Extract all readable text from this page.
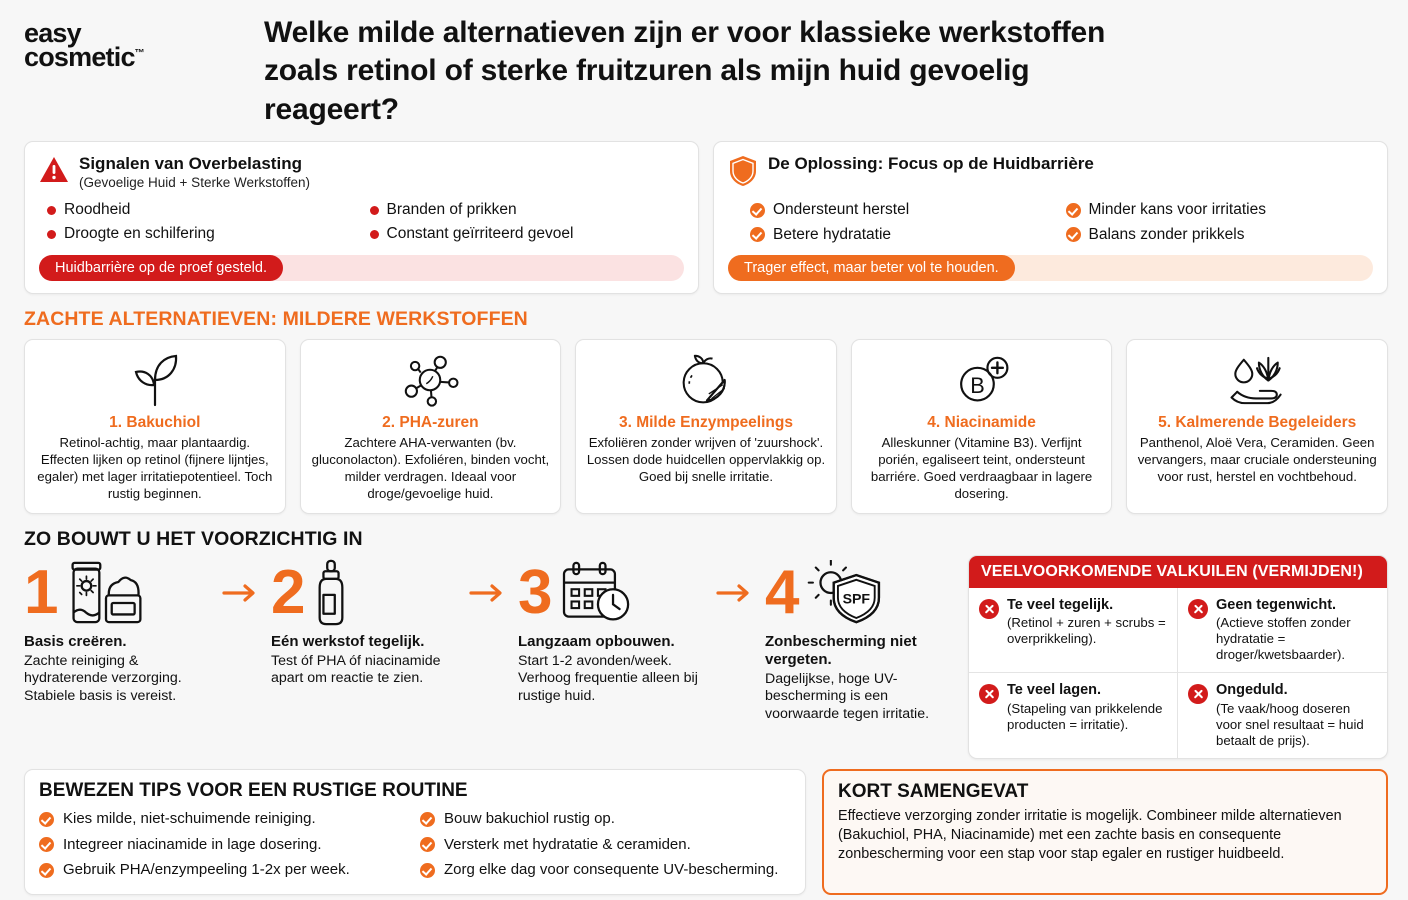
easy
cosmetic™
Welke milde alternatieven zijn er voor klassieke werkstoffen zoals retinol of sterke fruitzuren als mijn huid gevoelig reageert?
Signalen van Overbelasting
(Gevoelige Huid + Sterke Werkstoffen)
Roodheid	Branden of prikken
Droogte en schilfering	Constant geïrriteerd gevoel
Huidbarrière op de proef gesteld.
De Oplossing: Focus op de Huidbarrière
Ondersteunt herstel	Minder kans voor irritaties
Betere hydratatie	Balans zonder prikkels
Trager effect, maar beter vol te houden.
ZACHTE ALTERNATIEVEN: MILDERE WERKSTOFFEN
1. Bakuchiol
Retinol-achtig, maar plantaardig. Effecten lijken op retinol (fijnere lijntjes, egaler) met lager irritatiepotentieel. Toch rustig beginnen.
2. PHA-zuren
Zachtere AHA-verwanten (bv. gluconolacton). Exfoliéren, binden vocht, milder verdragen. Ideaal voor droge/gevoelige huid.
3. Milde Enzympeelings
Exfoliëren zonder wrijven of 'zuurshock'. Lossen dode huidcellen oppervlakkig op. Goed bij snelle irritatie.
B
4. Niacinamide
Alleskunner (Vitamine B3). Verfijnt porién, egaliseert teint, ondersteunt barriére. Goed verdraagbaar in lagere dosering.
5. Kalmerende Begeleiders
Panthenol, Aloë Vera, Ceramiden. Geen vervangers, maar cruciale ondersteuning voor rust, herstel en vochtbehoud.
ZO BOUWT U HET VOORZICHTIG IN
1
Basis creëren.
Zachte reiniging & hydraterende verzorging. Stabiele basis is vereist.
2
Eén werkstof tegelijk.
Test óf PHA óf niacinamide apart om reactie te zien.
3
Langzaam opbouwen.
Start 1-2 avonden/week. Verhoog frequentie alleen bij rustige huid.
4	SPF
Zonbescherming niet vergeten.
Dagelijkse, hoge UV-bescherming is een voorwaarde tegen irritatie.
VEELVOORKOMENDE VALKUILEN (VERMIJDEN!)
Te veel tegelijk.
(Retinol + zuren + scrubs = overprikkeling).
Geen tegenwicht.
(Actieve stoffen zonder hydratatie = droger/kwetsbaarder).
Te veel lagen.
(Stapeling van prikkelende producten = irritatie).
Ongeduld.
(Te vaak/hoog doseren voor snel resultaat = huid betaalt de prijs).
BEWEZEN TIPS VOOR EEN RUSTIGE ROUTINE
Kies milde, niet-schuimende reiniging.	Bouw bakuchiol rustig op.
Integreer niacinamide in lage dosering.	Versterk met hydratatie & ceramiden.
Gebruik PHA/enzympeeling 1-2x per week.	Zorg elke dag voor consequente UV-bescherming.
KORT SAMENGEVAT
Effectieve verzorging zonder irritatie is mogelijk. Combineer milde alternatieven (Bakuchiol, PHA, Niacinamide) met een zachte basis en consequente zonbescherming voor een stap voor stap egaler en rustiger huidbeeld.
